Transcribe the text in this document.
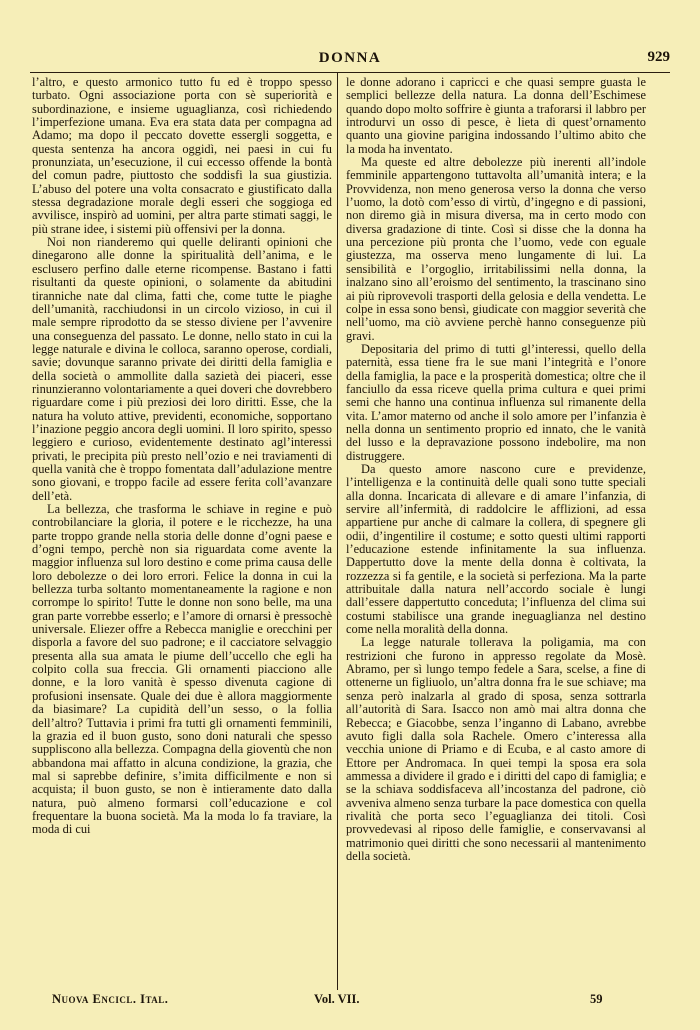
DONNA	929

l’altro, e questo armonico tutto fu ed è troppo spesso turbato. Ogni associazione porta con sè superiorità e subordinazione, e insieme uguaglianza, così richiedendo l’imperfezione umana. Eva era stata data per compagna ad Adamo; ma dopo il peccato dovette essergli soggetta, e questa sentenza ha ancora oggidì, nei paesi in cui fu pronunziata, un’esecuzione, il cui eccesso offende la bontà del comun padre, piuttosto che soddisfi la sua giustizia. L’abuso del potere una volta consacrato e giustificato dalla stessa degradazione morale degli esseri che soggioga ed avvilisce, inspirò ad uomini, per altra parte stimati saggi, le più strane idee, i sistemi più offensivi per la donna.

Noi non rianderemo qui quelle deliranti opinioni che dinegarono alle donne la spiritualità dell’anima, e le esclusero perfino dalle eterne ricompense. Bastano i fatti risultanti da queste opinioni, o solamente da abitudini tiranniche nate dal clima, fatti che, come tutte le piaghe dell’umanità, racchiudonsi in un circolo vizioso, in cui il male sempre riprodotto da se stesso diviene per l’avvenire una conseguenza del passato. Le donne, nello stato in cui la legge naturale e divina le colloca, saranno operose, cordiali, savie; dovunque saranno private dei diritti della famiglia e della società o ammollite dalla sazietà dei piaceri, esse rinunzieranno volontariamente a quei doveri che dovrebbero riguardare come i più preziosi dei loro diritti. Esse, che la natura ha voluto attive, previdenti, economiche, sopportano l’inazione peggio ancora degli uomini. Il loro spirito, spesso leggiero e curioso, evidentemente destinato agl’interessi privati, le precipita più presto nell’ozio e nei traviamenti di quella vanità che è troppo fomentata dall’adulazione mentre sono giovani, e troppo facile ad essere ferita coll’avanzare dell’età.

La bellezza, che trasforma le schiave in regine e può controbilanciare la gloria, il potere e le ricchezze, ha una parte troppo grande nella storia delle donne d’ogni paese e d’ogni tempo, perchè non sia riguardata come avente la maggior influenza sul loro destino e come prima causa delle loro debolezze o dei loro errori. Felice la donna in cui la bellezza turba soltanto momentaneamente la ragione e non corrompe lo spirito! Tutte le donne non sono belle, ma una gran parte vorrebbe esserlo; e l’amore di ornarsi è pressochè universale. Eliezer offre a Rebecca maniglie e orecchini per disporla a favore del suo padrone; e il cacciatore selvaggio presenta alla sua amata le piume dell’uccello che egli ha colpito colla sua freccia. Gli ornamenti piacciono alle donne, e la loro vanità è spesso divenuta cagione di profusioni insensate. Quale dei due è allora maggiormente da biasimare? La cupidità dell’un sesso, o la follia dell’altro? Tuttavia i primi fra tutti gli ornamenti femminili, la grazia ed il buon gusto, sono doni naturali che spesso suppliscono alla bellezza. Compagna della gioventù che non abbandona mai affatto in alcuna condizione, la grazia, che mal si saprebbe definire, s’imita difficilmente e non si acquista; il buon gusto, se non è intieramente dato dalla natura, può almeno formarsi coll’educazione e col frequentare la buona società. Ma la moda lo fa traviare, la moda di cui

le donne adorano i capricci e che quasi sempre guasta le semplici bellezze della natura. La donna dell’Eschimese quando dopo molto soffrire è giunta a traforarsi il labbro per introdurvi un osso di pesce, è lieta di quest’ornamento quanto una giovine parigina indossando l’ultimo abito che la moda ha inventato.

Ma queste ed altre debolezze più inerenti all’indole femminile appartengono tuttavolta all’umanità intera; e la Provvidenza, non meno generosa verso la donna che verso l’uomo, la dotò com’esso di virtù, d’ingegno e di passioni, non diremo già in misura diversa, ma in certo modo con diversa gradazione di tinte. Così si disse che la donna ha una percezione più pronta che l’uomo, vede con eguale giustezza, ma osserva meno lungamente di lui. La sensibilità e l’orgoglio, irritabilissimi nella donna, la inalzano sino all’eroismo del sentimento, la trascinano sino ai più riprovevoli trasporti della gelosia e della vendetta. Le colpe in essa sono bensì, giudicate con maggior severità che nell’uomo, ma ciò avviene perchè hanno conseguenze più gravi.

Depositaria del primo di tutti gl’interessi, quello della paternità, essa tiene fra le sue mani l’integrità e l’onore della famiglia, la pace e la prosperità domestica; oltre che il fanciullo da essa riceve quella prima cultura e quei primi semi che hanno una continua influenza sul rimanente della vita. L’amor materno od anche il solo amore per l’infanzia è nella donna un sentimento proprio ed innato, che le vanità del lusso e la depravazione possono indebolire, ma non distruggere.

Da questo amore nascono cure e previdenze, l’intelligenza e la continuità delle quali sono tutte speciali alla donna. Incaricata di allevare e di amare l’infanzia, di servire all’infermità, di raddolcire le afflizioni, ad essa appartiene pur anche di calmare la collera, di spegnere gli odii, d’ingentilire il costume; e sotto questi ultimi rapporti l’educazione estende infinitamente la sua influenza. Dappertutto dove la mente della donna è coltivata, la rozzezza si fa gentile, e la società si perfeziona. Ma la parte attribuitale dalla natura nell’accordo sociale è lungi dall’essere dappertutto conceduta; l’influenza del clima sui costumi stabilisce una grande ineguaglianza nel destino come nella moralità della donna.

La legge naturale tollerava la poligamia, ma con restrizioni che furono in appresso regolate da Mosè. Abramo, per sì lungo tempo fedele a Sara, scelse, a fine di ottenerne un figliuolo, un’altra donna fra le sue schiave; ma senza però inalzarla al grado di sposa, senza sottrarla all’autorità di Sara. Isacco non amò mai altra donna che Rebecca; e Giacobbe, senza l’inganno di Labano, avrebbe avuto figli dalla sola Rachele. Omero c’interessa alla vecchia unione di Priamo e di Ecuba, e al casto amore di Ettore per Andromaca. In quei tempi la sposa era sola ammessa a dividere il grado e i diritti del capo di famiglia; e se la schiava soddisfaceva all’incostanza del padrone, ciò avveniva almeno senza turbare la pace domestica con quella rivalità che porta seco l’eguaglianza dei titoli. Così provvedevasi al riposo delle famiglie, e conservavansi al matrimonio quei diritti che sono necessarii al mantenimento della società.

Nuova Encicl. Ital.	Vol. VII.	59
